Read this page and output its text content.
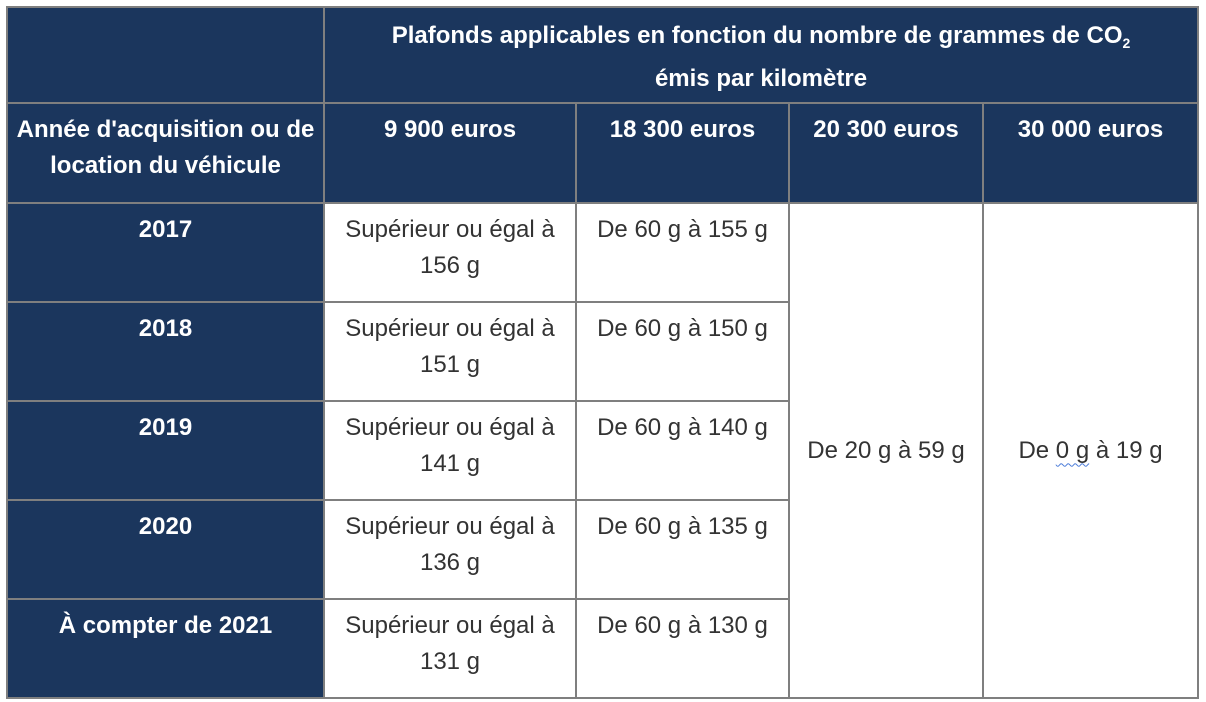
	Plafonds applicables en fonction du nombre de grammes de $CO_2$
émis par kilomètre			
Année d'acquisition ou de location du véhicule	9 900 euros	18 300 euros	20 300 euros	30 000 euros
2017	Supérieur ou égal à 156 g	De 60 g à 155 g	De 20 g à 59 g	De 0 g à 19 g
2018	Supérieur ou égal à 151 g	De 60 g à 150 g		
2019	Supérieur ou égal à 141 g	De 60 g à 140 g		
2020	Supérieur ou égal à 136 g	De 60 g à 135 g		
À compter de 2021	Supérieur ou égal à 131 g	De 60 g à 130 g		
